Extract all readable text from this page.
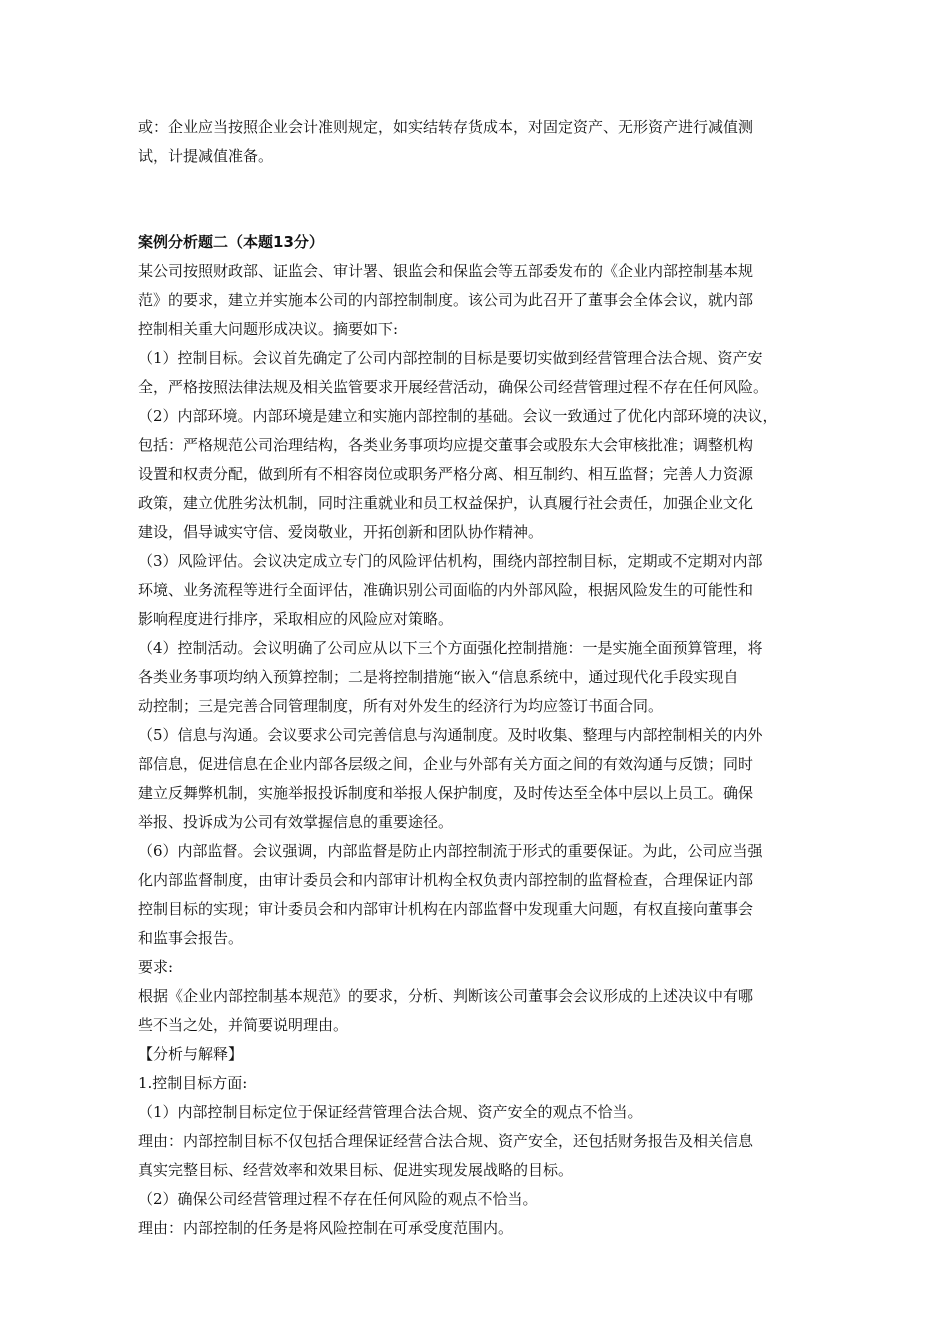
或：企业应当按照企业会计准则规定，如实结转存货成本，对固定资产、无形资产进行减值测
试，计提减值准备。
案例分析题二（本题13分）
某公司按照财政部、证监会、审计署、银监会和保监会等五部委发布的《企业内部控制基本规
范》的要求，建立并实施本公司的内部控制制度。该公司为此召开了董事会全体会议，就内部
控制相关重大问题形成决议。摘要如下:
（1）控制目标。会议首先确定了公司内部控制的目标是要切实做到经营管理合法合规、资产安
全，严格按照法律法规及相关监管要求开展经营活动，确保公司经营管理过程不存在任何风险。
（2）内部环境。内部环境是建立和实施内部控制的基础。会议一致通过了优化内部环境的决议，
包括：严格规范公司治理结构，各类业务事项均应提交董事会或股东大会审核批准；调整机构
设置和权责分配，做到所有不相容岗位或职务严格分离、相互制约、相互监督；完善人力资源
政策，建立优胜劣汰机制，同时注重就业和员工权益保护，认真履行社会责任，加强企业文化
建设，倡导诚实守信、爱岗敬业，开拓创新和团队协作精神。
（3）风险评估。会议决定成立专门的风险评估机构，围绕内部控制目标，定期或不定期对内部
环境、业务流程等进行全面评估，准确识别公司面临的内外部风险，根据风险发生的可能性和
影响程度进行排序，采取相应的风险应对策略。
（4）控制活动。会议明确了公司应从以下三个方面强化控制措施：一是实施全面预算管理，将
各类业务事项均纳入预算控制；二是将控制措施“嵌入“信息系统中，通过现代化手段实现自
动控制；三是完善合同管理制度，所有对外发生的经济行为均应签订书面合同。
（5）信息与沟通。会议要求公司完善信息与沟通制度。及时收集、整理与内部控制相关的内外
部信息，促进信息在企业内部各层级之间，企业与外部有关方面之间的有效沟通与反馈；同时
建立反舞弊机制，实施举报投诉制度和举报人保护制度，及时传达至全体中层以上员工。确保
举报、投诉成为公司有效掌握信息的重要途径。
（6）内部监督。会议强调，内部监督是防止内部控制流于形式的重要保证。为此，公司应当强
化内部监督制度，由审计委员会和内部审计机构全权负责内部控制的监督检查，合理保证内部
控制目标的实现；审计委员会和内部审计机构在内部监督中发现重大问题，有权直接向董事会
和监事会报告。
要求:
根据《企业内部控制基本规范》的要求，分析、判断该公司董事会会议形成的上述决议中有哪
些不当之处，并简要说明理由。
【分析与解释】
1.控制目标方面:
（1）内部控制目标定位于保证经营管理合法合规、资产安全的观点不恰当。
理由：内部控制目标不仅包括合理保证经营合法合规、资产安全，还包括财务报告及相关信息
真实完整目标、经营效率和效果目标、促进实现发展战略的目标。
（2）确保公司经营管理过程不存在任何风险的观点不恰当。
理由：内部控制的任务是将风险控制在可承受度范围内。
